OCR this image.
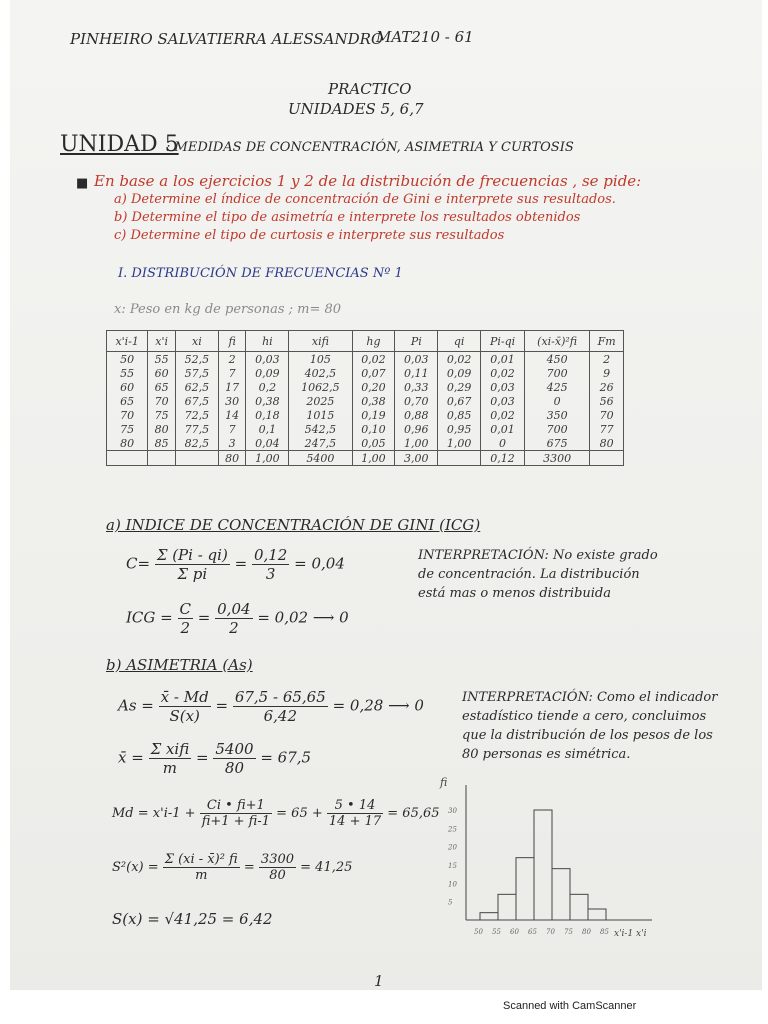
PINHEIRO SALVATIERRA ALESSANDRO
MAT210 - 61
PRACTICO
UNIDADES 5, 6,7
UNIDAD 5
: MEDIDAS DE CONCENTRACIÓN, ASIMETRIA Y CURTOSIS
■ En base a los ejercicios 1 y 2 de la distribución de frecuencias , se pide:
a) Determine el índice de concentración de Gini e interprete sus resultados.
b) Determine el tipo de asimetría e interprete los resultados obtenidos
c) Determine el tipo de curtosis e interprete sus resultados
I. DISTRIBUCIÓN DE FRECUENCIAS Nº 1
x: Peso en kg de personas ; m= 80
x'i-1	x'i	xi	fi	hi	xifi	hg	Pi	qi	Pi-qi	(xi-x̄)²fi	Fm
50	55	52,5	2	0,03	105	0,02	0,03	0,02	0,01	450	2
55	60	57,5	7	0,09	402,5	0,07	0,11	0,09	0,02	700	9
60	65	62,5	17	0,2	1062,5	0,20	0,33	0,29	0,03	425	26
65	70	67,5	30	0,38	2025	0,38	0,70	0,67	0,03	0	56
70	75	72,5	14	0,18	1015	0,19	0,88	0,85	0,02	350	70
75	80	77,5	7	0,1	542,5	0,10	0,96	0,95	0,01	700	77
80	85	82,5	3	0,04	247,5	0,05	1,00	1,00	0	675	80
			80	1,00	5400	1,00	3,00		0,12	3300	
a) INDICE DE CONCENTRACIÓN DE GINI (ICG)
$C= \frac{\Sigma (Pi - qi)}{\text{Σ pi}} = \frac{0,12}{3} = 0,04$
ICG = $\frac{C}{2} = \frac{0,04}{2} = 0,02$ ⟶ 0
INTERPRETACIÓN: No existe grado
de concentración. La distribución
está mas o menos distribuida
b) ASIMETRIA (As)
$As = \frac{x̄ - Md}{S(x)} = \frac{67,5 - 65,65}{6,42} = 0,28$ ⟶ 0
x̄ = $\frac{\text{Σ xifi}}{m} = \frac{5400}{80} = 67,5$
$Md = x'i-1 + \frac{Ci • fi+1}{fi+1 + fi-1} = 65 + \frac{5 • 14}{14 + 17} = 65,65$
$S^2(x) = \frac{\text{Σ (xi - x̄)² fi}}{m} = \frac{3300}{80} = 41,25$
S(x) = √41,25 = 6,42
INTERPRETACIÓN: Como el indicador
estadístico tiende a cero, concluimos
que la distribución de los pesos de los
80 personas es simétrica.
5
10
15
20
25
30
50 55 60 65 70 75 80 85
fi
x'i-1 x'i
1
Scanned with CamScanner
